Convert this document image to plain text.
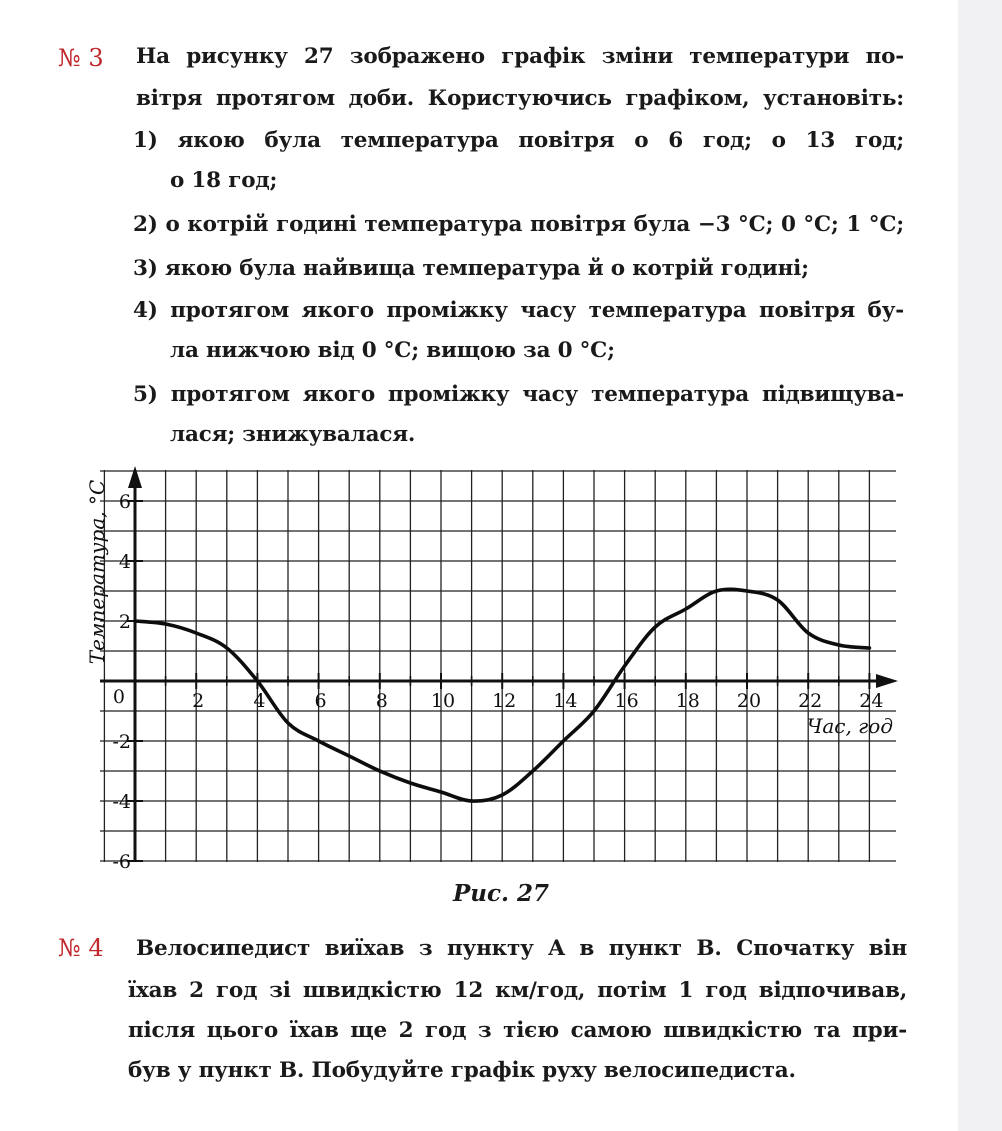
№ 3 На рисунку 27 зображено графік зміни температури по-
вітря протягом доби. Користуючись графіком, установіть:
1) якою була температура повітря о 6 год; о 13 год;
о 18 год;
2) о котрій годині температура повітря була −3 °C; 0 °C; 1 °C;
3) якою була найвища температура й о котрій годині;
4) протягом якого проміжку часу температура повітря бу-
ла нижчою від 0 °C; вищою за 0 °C;
5) протягом якого проміжку часу температура підвищува-
лася; знижувалася.
2	4	6	8 10 12 14 16 18 20 22 24
6
4
2
-2
-4
-6
0
Час, год
Температура, °C
Рис. 27
№ 4 Велосипедист виїхав з пункту A в пункт B. Спочатку він
їхав 2 год зі швидкістю 12 км/год, потім 1 год відпочивав,
після цього їхав ще 2 год з тією самою швидкістю та при-
був у пункт B. Побудуйте графік руху велосипедиста.
